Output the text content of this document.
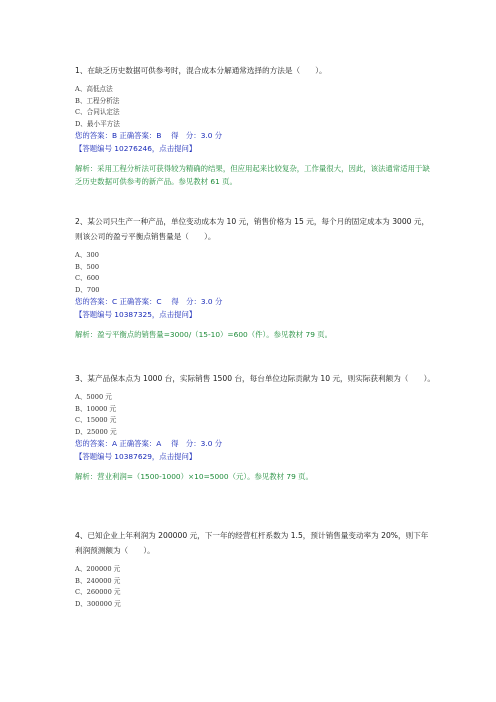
1、在缺乏历史数据可供参考时，混合成本分解通常选择的方法是（　　）。
A、高低点法
B、工程分析法
C、合同认定法
D、最小平方法
您的答案：B 正确答案：B 　得　分：3.0 分
【答题编号 10276246，点击提问】
解析：采用工程分析法可获得较为精确的结果，但应用起来比较复杂，工作量很大，因此，该法通常适用于缺乏历史数据可供参考的新产品。参见教材 61 页。
2、某公司只生产一种产品，单位变动成本为 10 元，销售价格为 15 元，每个月的固定成本为 3000 元，则该公司的盈亏平衡点销售量是（　　）。
A、300
B、500
C、600
D、700
您的答案：C 正确答案：C 　得　分：3.0 分
【答题编号 10387325，点击提问】
解析：盈亏平衡点的销售量=3000/（15-10）=600（件）。参见教材 79 页。
3、某产品保本点为 1000 台，实际销售 1500 台，每台单位边际贡献为 10 元，则实际获利额为（　　）。
A、5000 元
B、10000 元
C、15000 元
D、25000 元
您的答案：A 正确答案：A 　得　分：3.0 分
【答题编号 10387629，点击提问】
解析：营业利润=（1500-1000）×10=5000（元）。参见教材 79 页。
4、已知企业上年利润为 200000 元，下一年的经营杠杆系数为 1.5，预计销售量变动率为 20%，则下年利润预测额为（　　）。
A、200000 元
B、240000 元
C、260000 元
D、300000 元
